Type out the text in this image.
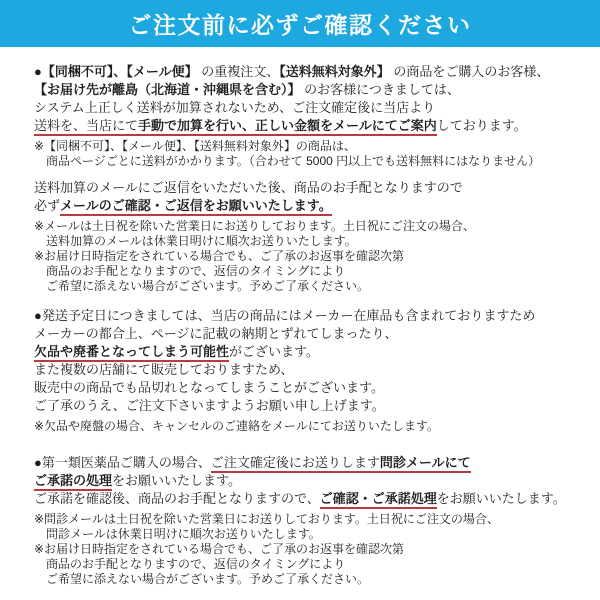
ご注文前に必ずご確認ください
●【同梱不可】、【メール便】 の重複注文、【送料無料対象外】 の商品をご購入のお客様、
【お届け先が離島（北海道・沖縄県を含む）】 のお客様につきましては、
システム上正しく送料が加算されないため、ご注文確定後に当店より
送料を、当店にて手動で加算を行い、正しい金額をメールにてご案内しております。
※【同梱不可】、【メール便】、【送料無料対象外】の商品は、
商品ページごとに送料がかかります。（合わせて 5000 円以上でも送料無料にはなりません）
送料加算のメールにご返信をいただいた後、商品のお手配となりますので
必ずメールのご確認・ご返信をお願いいたします。
※メールは土日祝を除いた営業日にお送りしております。土日祝にご注文の場合、
送料加算のメールは休業日明けに順次お送りいたします。
※お届け日時指定をされている場合でも、ご了承のお返事を確認次第
商品のお手配となりますので、返信のタイミングにより
ご希望に添えない場合がございます。予めご了承ください。
●発送予定日につきましては、当店の商品にはメーカー在庫品も含まれておりますため
メーカーの都合上、ページに記載の納期とずれてしまったり、
欠品や廃番となってしまう可能性がございます。
また複数の店舗にて販売しておりますため、
販売中の商品でも品切れとなってしまうことがございます。
ご了承のうえ、ご注文下さいますようお願い申し上げます。
※欠品や廃盤の場合、キャンセルのご連絡をメールにてお送りいたします。
●第一類医薬品ご購入の場合、ご注文確定後にお送りします問診メールにて
ご承諾の処理をお願いいたします。
ご承諾を確認後、商品のお手配となりますので、ご確認・ご承諾処理をお願いいたします。
※問診メールは土日祝を除いた営業日にお送りしております。土日祝にご注文の場合、
問診メールは休業日明けに順次お送りいたします。
※お届け日時指定をされている場合でも、ご了承のお返事を確認次第
商品のお手配となりますので、返信のタイミングにより
ご希望に添えない場合がございます。予めご了承ください。
